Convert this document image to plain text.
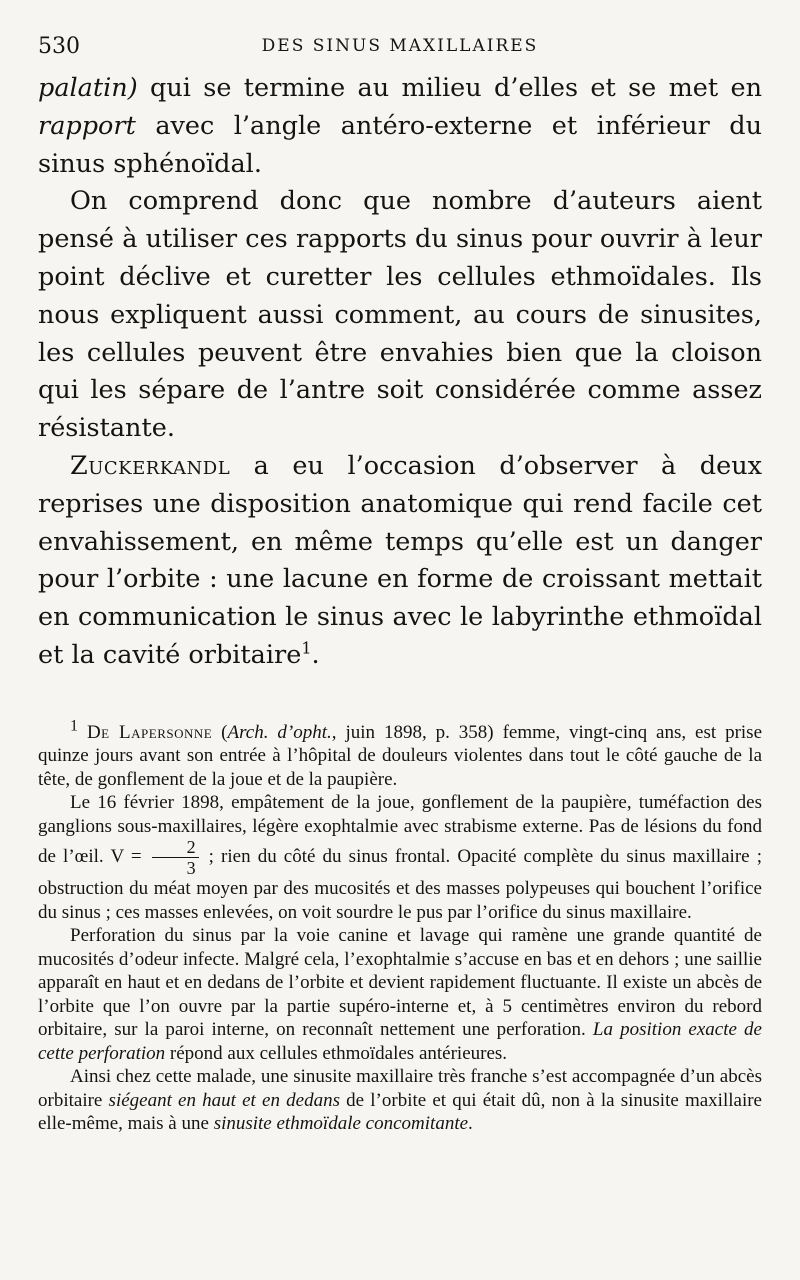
530	DES SINUS MAXILLAIRES

palatin) qui se termine au milieu d’elles et se met en rapport avec l’angle antéro-externe et inférieur du sinus sphénoïdal.

On comprend donc que nombre d’auteurs aient pensé à utiliser ces rapports du sinus pour ouvrir à leur point déclive et curetter les cellules ethmoïdales. Ils nous expliquent aussi comment, au cours de sinusites, les cellules peuvent être envahies bien que la cloison qui les sépare de l’antre soit considérée comme assez résistante.

Zuckerkandl a eu l’occasion d’observer à deux reprises une disposition anatomique qui rend facile cet envahissement, en même temps qu’elle est un danger pour l’orbite : une lacune en forme de croissant mettait en communication le sinus avec le labyrinthe ethmoïdal et la cavité orbitaire$^1$.

$^1$ De Lapersonne (Arch. d’opht., juin 1898, p. 358) femme, vingt-cinq ans, est prise quinze jours avant son entrée à l’hôpital de douleurs violentes dans tout le côté gauche de la tête, de gonflement de la joue et de la paupière.

Le 16 février 1898, empâtement de la joue, gonflement de la paupière, tuméfaction des ganglions sous-maxillaires, légère exophtalmie avec strabisme externe. Pas de lésions du fond de l’œil. $V = \frac{2}{3}$ ; rien du côté du sinus frontal. Opacité complète du sinus maxillaire ; obstruction du méat moyen par des mucosités et des masses polypeuses qui bouchent l’orifice du sinus ; ces masses enlevées, on voit sourdre le pus par l’orifice du sinus maxillaire.

Perforation du sinus par la voie canine et lavage qui ramène une grande quantité de mucosités d’odeur infecte. Malgré cela, l’exophtalmie s’accuse en bas et en dehors ; une saillie apparaît en haut et en dedans de l’orbite et devient rapidement fluctuante. Il existe un abcès de l’orbite que l’on ouvre par la partie supéro-interne et, à 5 centimètres environ du rebord orbitaire, sur la paroi interne, on reconnaît nettement une perforation. La position exacte de cette perforation répond aux cellules ethmoïdales antérieures.

Ainsi chez cette malade, une sinusite maxillaire très franche s’est accompagnée d’un abcès orbitaire siégeant en haut et en dedans de l’orbite et qui était dû, non à la sinusite maxillaire elle-même, mais à une sinusite ethmoïdale concomitante.
